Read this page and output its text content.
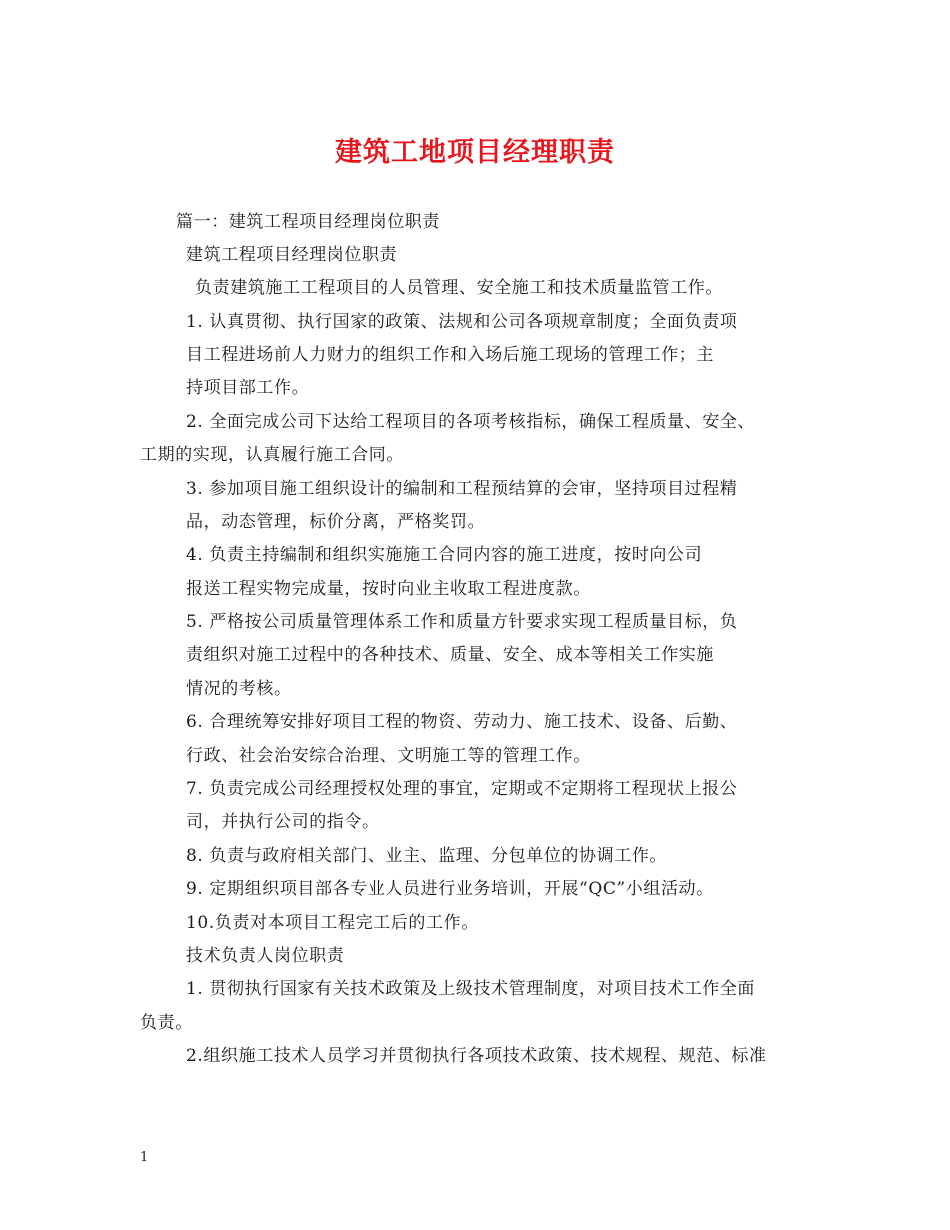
建筑工地项目经理职责
篇一：建筑工程项目经理岗位职责
建筑工程项目经理岗位职责
负责建筑施工工程项目的人员管理、安全施工和技术质量监管工作。
1. 认真贯彻、执行国家的政策、法规和公司各项规章制度；全面负责项
目工程进场前人力财力的组织工作和入场后施工现场的管理工作；主
持项目部工作。
2. 全面完成公司下达给工程项目的各项考核指标，确保工程质量、安全、
工期的实现，认真履行施工合同。
3. 参加项目施工组织设计的编制和工程预结算的会审，坚持项目过程精
品，动态管理，标价分离，严格奖罚。
4. 负责主持编制和组织实施施工合同内容的施工进度，按时向公司
报送工程实物完成量，按时向业主收取工程进度款。
5. 严格按公司质量管理体系工作和质量方针要求实现工程质量目标，负
责组织对施工过程中的各种技术、质量、安全、成本等相关工作实施
情况的考核。
6. 合理统筹安排好项目工程的物资、劳动力、施工技术、设备、后勤、
行政、社会治安综合治理、文明施工等的管理工作。
7. 负责完成公司经理授权处理的事宜，定期或不定期将工程现状上报公
司，并执行公司的指令。
8. 负责与政府相关部门、业主、监理、分包单位的协调工作。
9. 定期组织项目部各专业人员进行业务培训，开展“QC”小组活动。
10.负责对本项目工程完工后的工作。
技术负责人岗位职责
1. 贯彻执行国家有关技术政策及上级技术管理制度，对项目技术工作全面
负责。
2.组织施工技术人员学习并贯彻执行各项技术政策、技术规程、规范、标准
1
